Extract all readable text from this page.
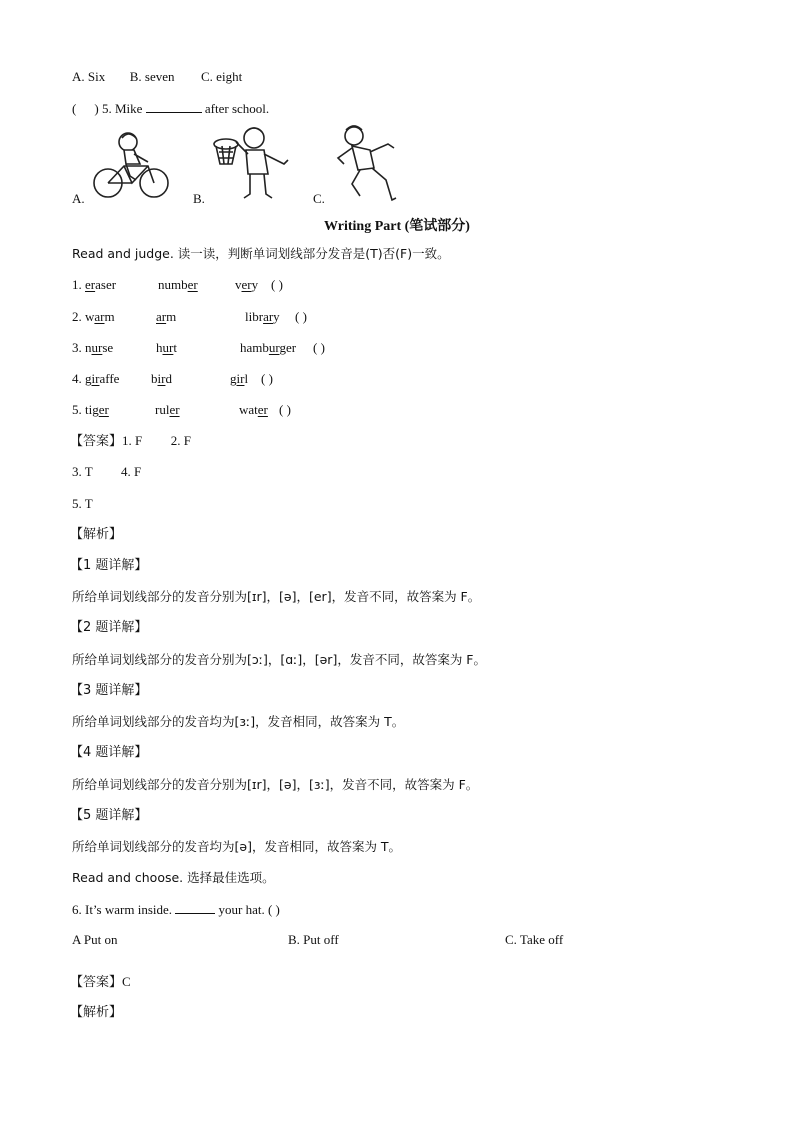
A. Six B. seven C. eight
( ) 5. Mike	after school.
A.	B.	C.
Writing Part (笔试部分)
Read and judge. 读一读，判断单词划线部分发音是(T)否(F)一致。
1. eraser	number	very ( )
2. warm	arm	library ( )
3. nurse	hurt	hamburger ( )
4. giraffe bird	girl ( )
5. tiger	ruler	water ( )
【答案】1. F 2. F
3. T 4. F
5. T
【解析】
【1 题详解】
所给单词划线部分的发音分别为[ɪr]，[ə]，[er]，发音不同，故答案为 F。
【2 题详解】
所给单词划线部分的发音分别为[ɔː]，[ɑː]，[ər]，发音不同，故答案为 F。
【3 题详解】
所给单词划线部分的发音均为[ɜː]，发音相同，故答案为 T。
【4 题详解】
所给单词划线部分的发音分别为[ɪr]，[ə]，[ɜː]，发音不同，故答案为 F。
【5 题详解】
所给单词划线部分的发音均为[ə]，发音相同，故答案为 T。
Read and choose. 选择最佳选项。
6. It’s warm inside.	your hat. ( )
A Put on	B. Put off	C. Take off
【答案】C
【解析】
